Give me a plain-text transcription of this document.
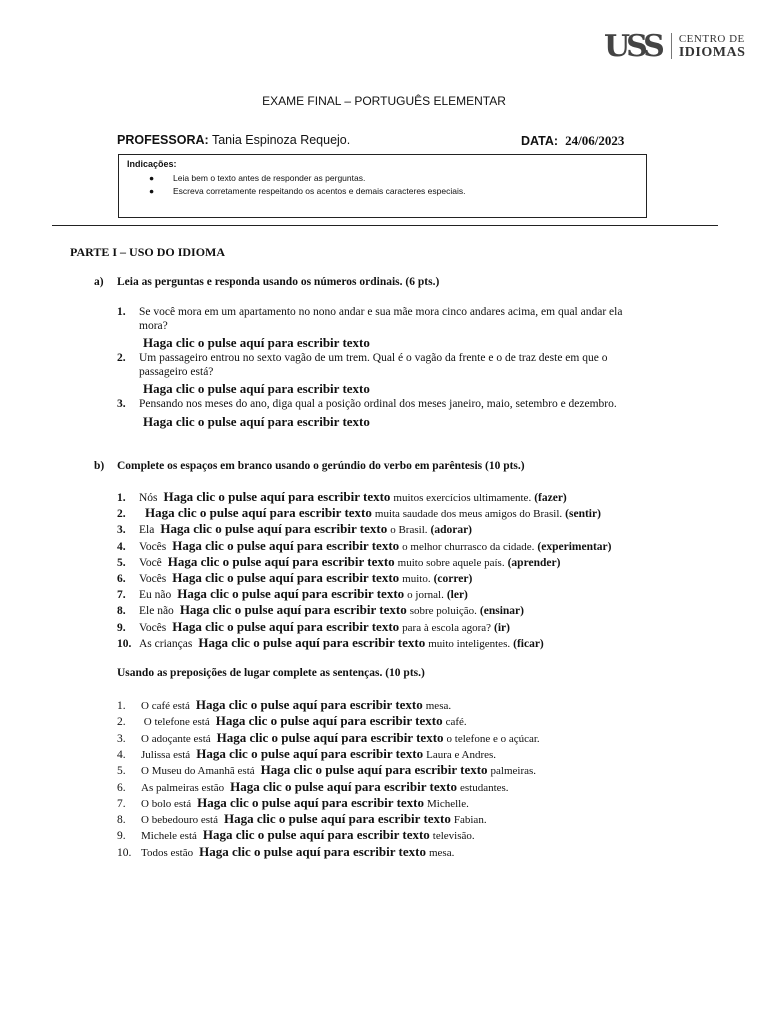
USS CENTRO DE
IDIOMAS
EXAME FINAL – PORTUGUÊS ELEMENTAR
PROFESSORA: Tania Espinoza Requejo.	DATA: 24/06/2023
Indicações:
● Leia bem o texto antes de responder as perguntas.
● Escreva corretamente respeitando os acentos e demais caracteres especiais.
PARTE I – USO DO IDIOMA
a) Leia as perguntas e responda usando os números ordinais. (6 pts.)
1. Se você mora em um apartamento no nono andar e sua mãe mora cinco andares acima, em qual andar ela
mora?
Haga clic o pulse aquí para escribir texto
2. Um passageiro entrou no sexto vagão de um trem. Qual é o vagão da frente e o de traz deste em que o
passageiro está?
Haga clic o pulse aquí para escribir texto
3. Pensando nos meses do ano, diga qual a posição ordinal dos meses janeiro, maio, setembro e dezembro.
Haga clic o pulse aquí para escribir texto
b) Complete os espaços em branco usando o gerúndio do verbo em parêntesis (10 pts.)
1. Nós Haga clic o pulse aquí para escribir texto muitos exercícios ultimamente. (fazer)
2. Haga clic o pulse aquí para escribir texto muita saudade dos meus amigos do Brasil. (sentir)
3. Ela Haga clic o pulse aquí para escribir texto o Brasil. (adorar)
4. Vocês Haga clic o pulse aquí para escribir texto o melhor churrasco da cidade. (experimentar)
5. Você Haga clic o pulse aquí para escribir texto muito sobre aquele país. (aprender)
6. Vocês Haga clic o pulse aquí para escribir texto muito. (correr)
7. Eu não Haga clic o pulse aquí para escribir texto o jornal. (ler)
8. Ele não Haga clic o pulse aquí para escribir texto sobre poluição. (ensinar)
9. Vocês Haga clic o pulse aquí para escribir texto para à escola agora? (ir)
10. As crianças Haga clic o pulse aquí para escribir texto muito inteligentes. (ficar)
Usando as preposições de lugar complete as sentenças. (10 pts.)
1. O café está Haga clic o pulse aquí para escribir texto mesa.
2. O telefone está Haga clic o pulse aquí para escribir texto café.
3. O adoçante está Haga clic o pulse aquí para escribir texto o telefone e o açúcar.
4. Julissa está Haga clic o pulse aquí para escribir texto Laura e Andres.
5. O Museu do Amanhã está Haga clic o pulse aquí para escribir texto palmeiras.
6. As palmeiras estão Haga clic o pulse aquí para escribir texto estudantes.
7. O bolo está Haga clic o pulse aquí para escribir texto Michelle.
8. O bebedouro está Haga clic o pulse aquí para escribir texto Fabian.
9. Michele está Haga clic o pulse aquí para escribir texto televisão.
10. Todos estão Haga clic o pulse aquí para escribir texto mesa.
